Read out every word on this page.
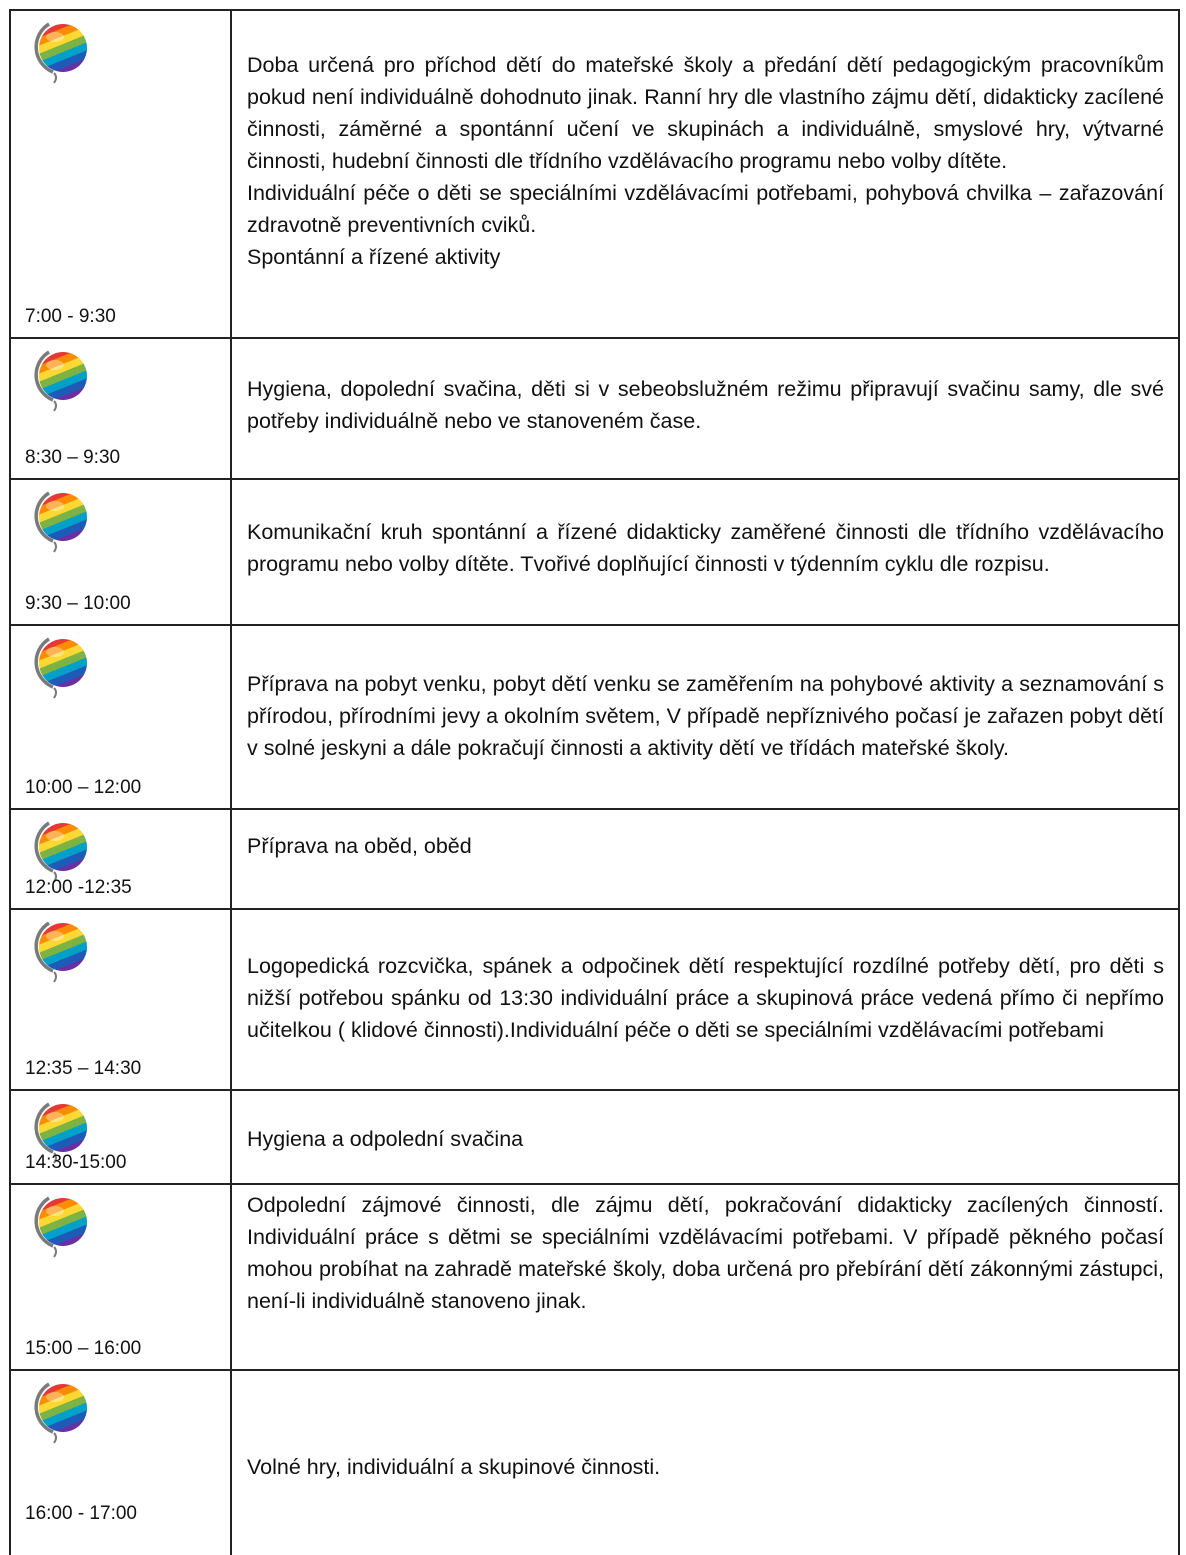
7:00 - 9:30

Doba určená pro příchod dětí do mateřské školy a předání dětí pedagogickým pracovníkům pokud není individuálně dohodnuto jinak. Ranní hry dle vlastního zájmu dětí, didakticky zacílené činnosti, záměrné a spontánní učení ve skupinách a individuálně, smyslové hry, výtvarné činnosti, hudební činnosti dle třídního vzdělávacího programu nebo volby dítěte.

Individuální péče o děti se speciálními vzdělávacími potřebami, pohybová chvilka – zařazování zdravotně preventivních cviků.

Spontánní a řízené aktivity

8:30 – 9:30

Hygiena, dopolední svačina, děti si v sebeobslužném režimu připravují svačinu samy, dle své potřeby individuálně nebo ve stanoveném čase.

9:30 – 10:00

Komunikační kruh spontánní a řízené didakticky zaměřené činnosti dle třídního vzdělávacího programu nebo volby dítěte. Tvořivé doplňující činnosti v týdenním cyklu dle rozpisu.

10:00 – 12:00

Příprava na pobyt venku, pobyt dětí venku se zaměřením na pohybové aktivity a seznamování s přírodou, přírodními jevy a okolním světem, V případě nepříznivého počasí je zařazen pobyt dětí v solné jeskyni a dále pokračují činnosti a aktivity dětí ve třídách mateřské školy.

12:00 -12:35

Příprava na oběd, oběd

12:35 – 14:30

Logopedická rozcvička, spánek a odpočinek dětí respektující rozdílné potřeby dětí, pro děti s nižší potřebou spánku od 13:30 individuální práce a skupinová práce vedená přímo či nepřímo učitelkou ( klidové činnosti).Individuální péče o děti se speciálními vzdělávacími potřebami

14:30-15:00

Hygiena a odpolední svačina

15:00 – 16:00

Odpolední zájmové činnosti, dle zájmu dětí, pokračování didakticky zacílených činností. Individuální práce s dětmi se speciálními vzdělávacími potřebami. V případě pěkného počasí mohou probíhat na zahradě mateřské školy, doba určená pro přebírání dětí zákonnými zástupci, není-li individuálně stanoveno jinak.

16:00 - 17:00

Volné hry, individuální a skupinové činnosti.
